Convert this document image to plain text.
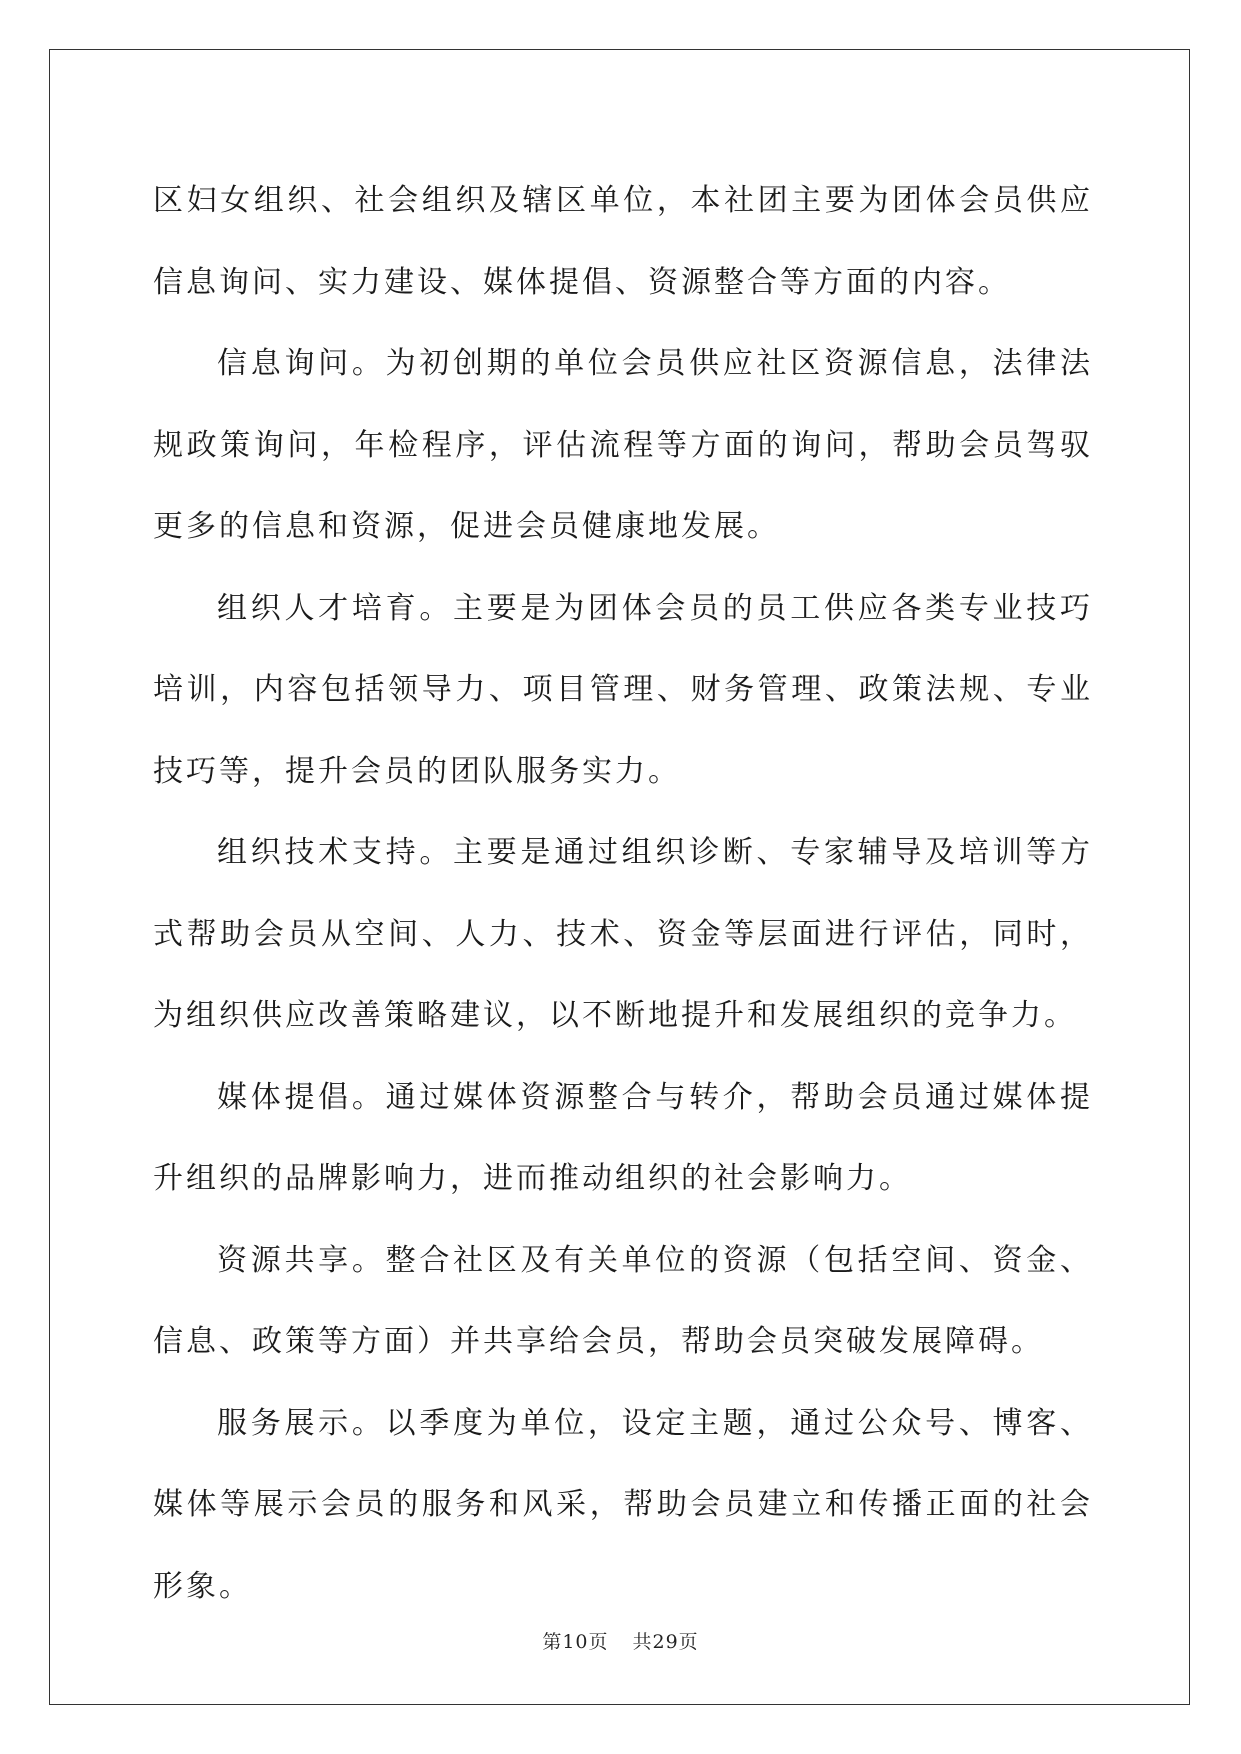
区妇女组织、社会组织及辖区单位，本社团主要为团体会员供应信息询问、实力建设、媒体提倡、资源整合等方面的内容。

信息询问。为初创期的单位会员供应社区资源信息，法律法规政策询问，年检程序，评估流程等方面的询问，帮助会员驾驭更多的信息和资源，促进会员健康地发展。

组织人才培育。主要是为团体会员的员工供应各类专业技巧培训，内容包括领导力、项目管理、财务管理、政策法规、专业技巧等，提升会员的团队服务实力。

组织技术支持。主要是通过组织诊断、专家辅导及培训等方式帮助会员从空间、人力、技术、资金等层面进行评估，同时，为组织供应改善策略建议，以不断地提升和发展组织的竞争力。

媒体提倡。通过媒体资源整合与转介，帮助会员通过媒体提升组织的品牌影响力，进而推动组织的社会影响力。

资源共享。整合社区及有关单位的资源（包括空间、资金、信息、政策等方面）并共享给会员，帮助会员突破发展障碍。

服务展示。以季度为单位，设定主题，通过公众号、博客、媒体等展示会员的服务和风采，帮助会员建立和传播正面的社会形象。

第10页 共29页
